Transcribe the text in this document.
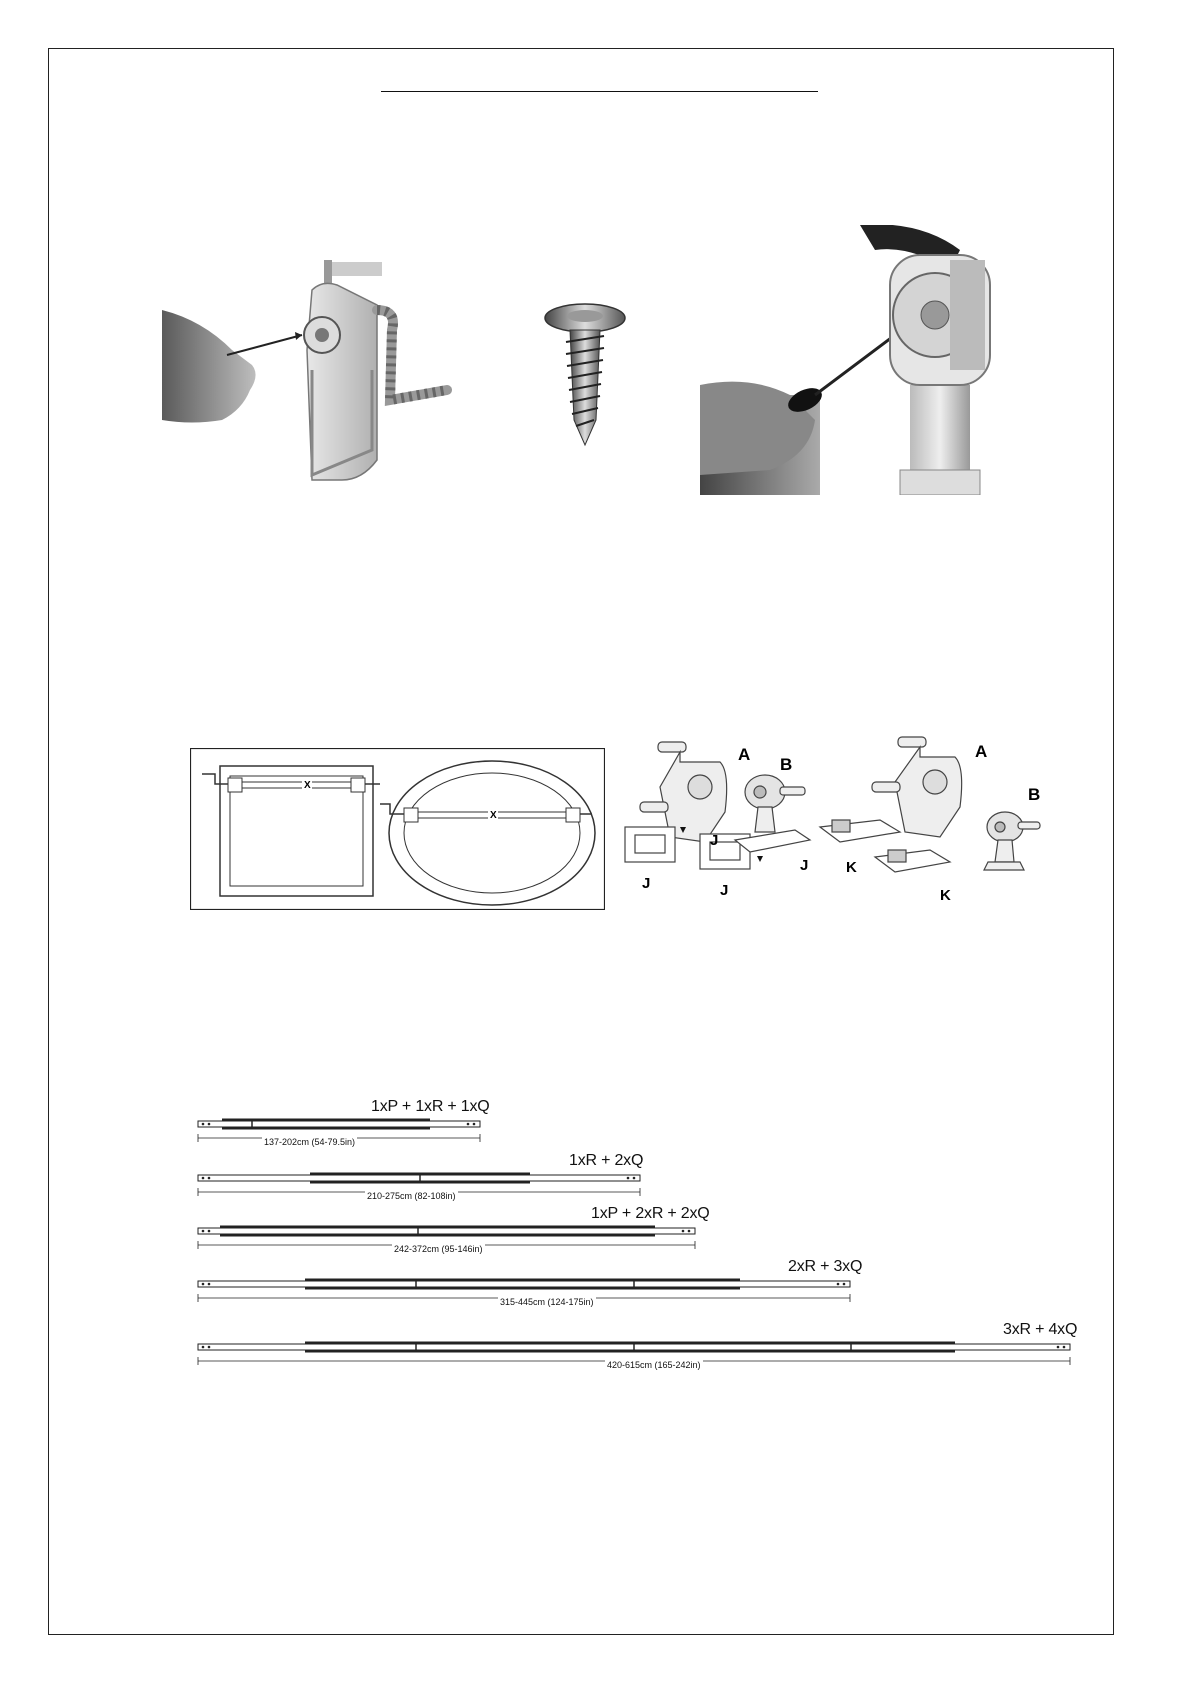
X
X
A
B
J
J	J
J
A
B
K
K
1xP + 1xR + 1xQ
137-202cm (54-79.5in)
1xR + 2xQ
210-275cm (82-108in)
1xP + 2xR + 2xQ
242-372cm (95-146in)
2xR + 3xQ
315-445cm (124-175in)
3xR + 4xQ
420-615cm (165-242in)
